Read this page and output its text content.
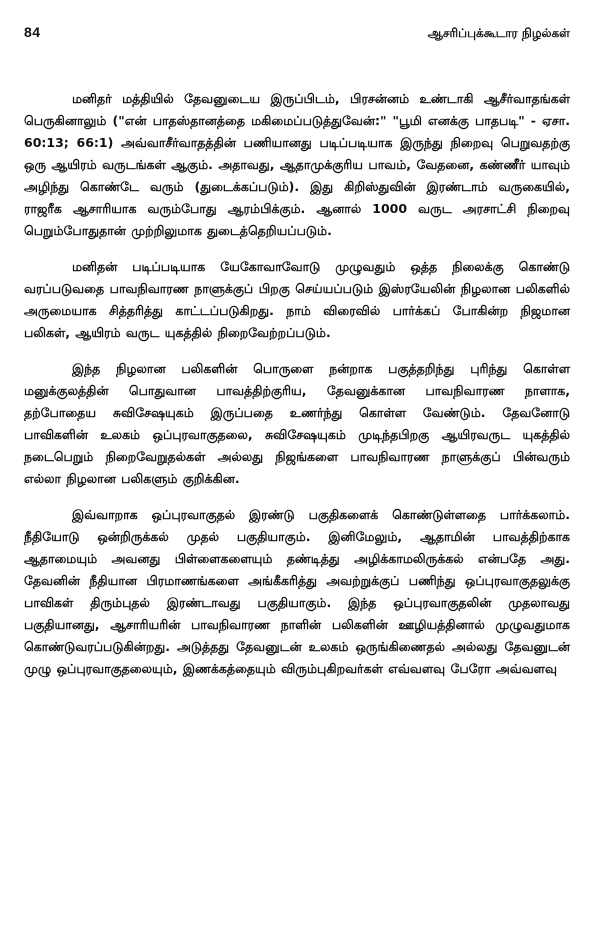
84	ஆசரிப்புக்கூடார நிழல்கள்

மனிதர் மத்தியில் தேவனுடைய இருப்பிடம், பிரசன்னம் உண்டாகி ஆசீர்வாதங்கள் பெருகினாலும் ("என் பாதஸ்தானத்தை மகிமைப்படுத்துவேன்:" "பூமி எனக்கு பாதபடி" - ஏசா. 60:13; 66:1) அவ்வாசீர்வாதத்தின் பணியானது படிப்படியாக இருந்து நிறைவு பெறுவதற்கு ஒரு ஆயிரம் வருடங்கள் ஆகும். அதாவது, ஆதாமுக்குரிய பாவம், வேதனை, கண்ணீர் யாவும் அழிந்து கொண்டே வரும் (துடைக்கப்படும்). இது கிறிஸ்துவின் இரண்டாம் வருகையில், ராஜரீக ஆசாரியாக வரும்போது ஆரம்பிக்கும். ஆனால் 1000 வருட அரசாட்சி நிறைவு பெறும்போதுதான் முற்றிலுமாக துடைத்தெறியப்படும்.

மனிதன் படிப்படியாக யேகோவாவோடு முழுவதும் ஒத்த நிலைக்கு கொண்டு வரப்படுவதை பாவநிவாரண நாளுக்குப் பிறகு செய்யப்படும் இஸ்ரயேலின் நிழலான பலிகளில் அருமையாக சித்தரித்து காட்டப்படுகிறது. நாம் விரைவில் பார்க்கப் போகின்ற நிஜமான பலிகள், ஆயிரம் வருட யுகத்தில் நிறைவேற்றப்படும்.

இந்த நிழலான பலிகளின் பொருளை நன்றாக பகுத்தறிந்து புரிந்து கொள்ள மனுக்குலத்தின் பொதுவான பாவத்திற்குரிய, தேவனுக்கான பாவநிவாரண நாளாக, தற்போதைய சுவிசேஷயுகம் இருப்பதை உணர்ந்து கொள்ள வேண்டும். தேவனோடு பாவிகளின் உலகம் ஒப்புரவாகுதலை, சுவிசேஷயுகம் முடிந்தபிறகு ஆயிரவருட யுகத்தில் நடைபெறும் நிறைவேறுதல்கள் அல்லது நிஜங்களை பாவநிவாரண நாளுக்குப் பின்வரும் எல்லா நிழலான பலிகளும் குறிக்கின.

இவ்வாறாக ஒப்புரவாகுதல் இரண்டு பகுதிகளைக் கொண்டுள்ளதை பார்க்கலாம். நீதியோடு ஒன்றிருக்கல் முதல் பகுதியாகும். இனிமேலும், ஆதாமின் பாவத்திற்காக ஆதாமையும் அவனது பிள்ளைகளையும் தண்டித்து அழிக்காமலிருக்கல் என்பதே அது. தேவனின் நீதியான பிரமாணங்களை அங்கீகரித்து அவற்றுக்குப் பணிந்து ஒப்புரவாகுதலுக்கு பாவிகள் திரும்புதல் இரண்டாவது பகுதியாகும். இந்த ஒப்புரவாகுதலின் முதலாவது பகுதியானது, ஆசாரியரின் பாவநிவாரண நாளின் பலிகளின் ஊழியத்தினால் முழுவதுமாக கொண்டுவரப்படுகின்றது. அடுத்தது தேவனுடன் உலகம் ஒருங்கிணைதல் அல்லது தேவனுடன் முழு ஒப்புரவாகுதலையும், இணக்கத்தையும் விரும்புகிறவர்கள் எவ்வளவு பேரோ அவ்வளவு
